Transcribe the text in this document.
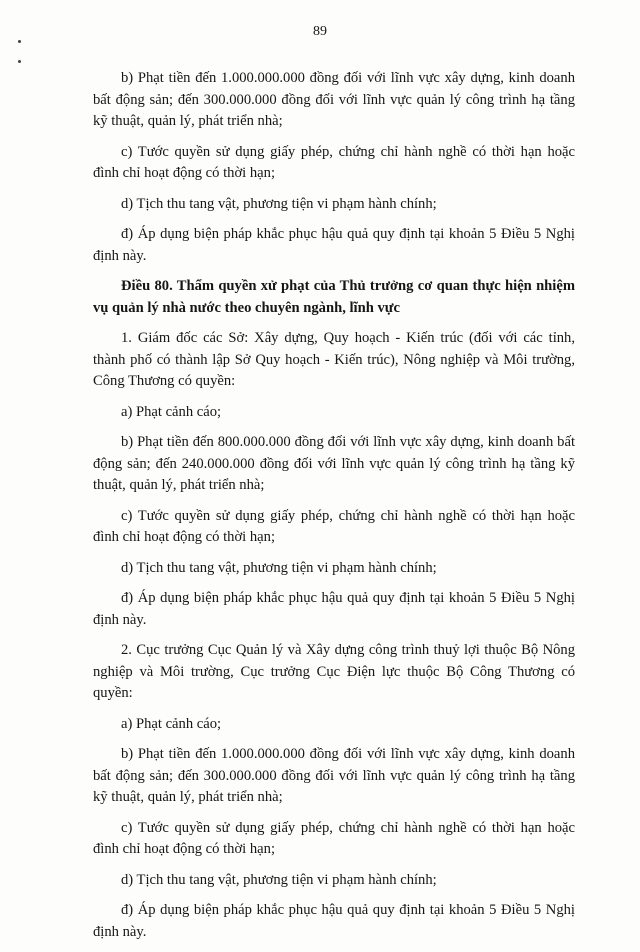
89

b) Phạt tiền đến 1.000.000.000 đồng đối với lĩnh vực xây dựng, kinh doanh bất động sản; đến 300.000.000 đồng đối với lĩnh vực quản lý công trình hạ tầng kỹ thuật, quản lý, phát triển nhà;

c) Tước quyền sử dụng giấy phép, chứng chỉ hành nghề có thời hạn hoặc đình chỉ hoạt động có thời hạn;

d) Tịch thu tang vật, phương tiện vi phạm hành chính;

đ) Áp dụng biện pháp khắc phục hậu quả quy định tại khoản 5 Điều 5 Nghị định này.

Điều 80. Thẩm quyền xử phạt của Thủ trưởng cơ quan thực hiện nhiệm vụ quản lý nhà nước theo chuyên ngành, lĩnh vực

1. Giám đốc các Sở: Xây dựng, Quy hoạch - Kiến trúc (đối với các tỉnh, thành phố có thành lập Sở Quy hoạch - Kiến trúc), Nông nghiệp và Môi trường, Công Thương có quyền:

a) Phạt cảnh cáo;

b) Phạt tiền đến 800.000.000 đồng đối với lĩnh vực xây dựng, kinh doanh bất động sản; đến 240.000.000 đồng đối với lĩnh vực quản lý công trình hạ tầng kỹ thuật, quản lý, phát triển nhà;

c) Tước quyền sử dụng giấy phép, chứng chỉ hành nghề có thời hạn hoặc đình chỉ hoạt động có thời hạn;

d) Tịch thu tang vật, phương tiện vi phạm hành chính;

đ) Áp dụng biện pháp khắc phục hậu quả quy định tại khoản 5 Điều 5 Nghị định này.

2. Cục trưởng Cục Quản lý và Xây dựng công trình thuỷ lợi thuộc Bộ Nông nghiệp và Môi trường, Cục trưởng Cục Điện lực thuộc Bộ Công Thương có quyền:

a) Phạt cảnh cáo;

b) Phạt tiền đến 1.000.000.000 đồng đối với lĩnh vực xây dựng, kinh doanh bất động sản; đến 300.000.000 đồng đối với lĩnh vực quản lý công trình hạ tầng kỹ thuật, quản lý, phát triển nhà;

c) Tước quyền sử dụng giấy phép, chứng chỉ hành nghề có thời hạn hoặc đình chỉ hoạt động có thời hạn;

d) Tịch thu tang vật, phương tiện vi phạm hành chính;

đ) Áp dụng biện pháp khắc phục hậu quả quy định tại khoản 5 Điều 5 Nghị định này.
